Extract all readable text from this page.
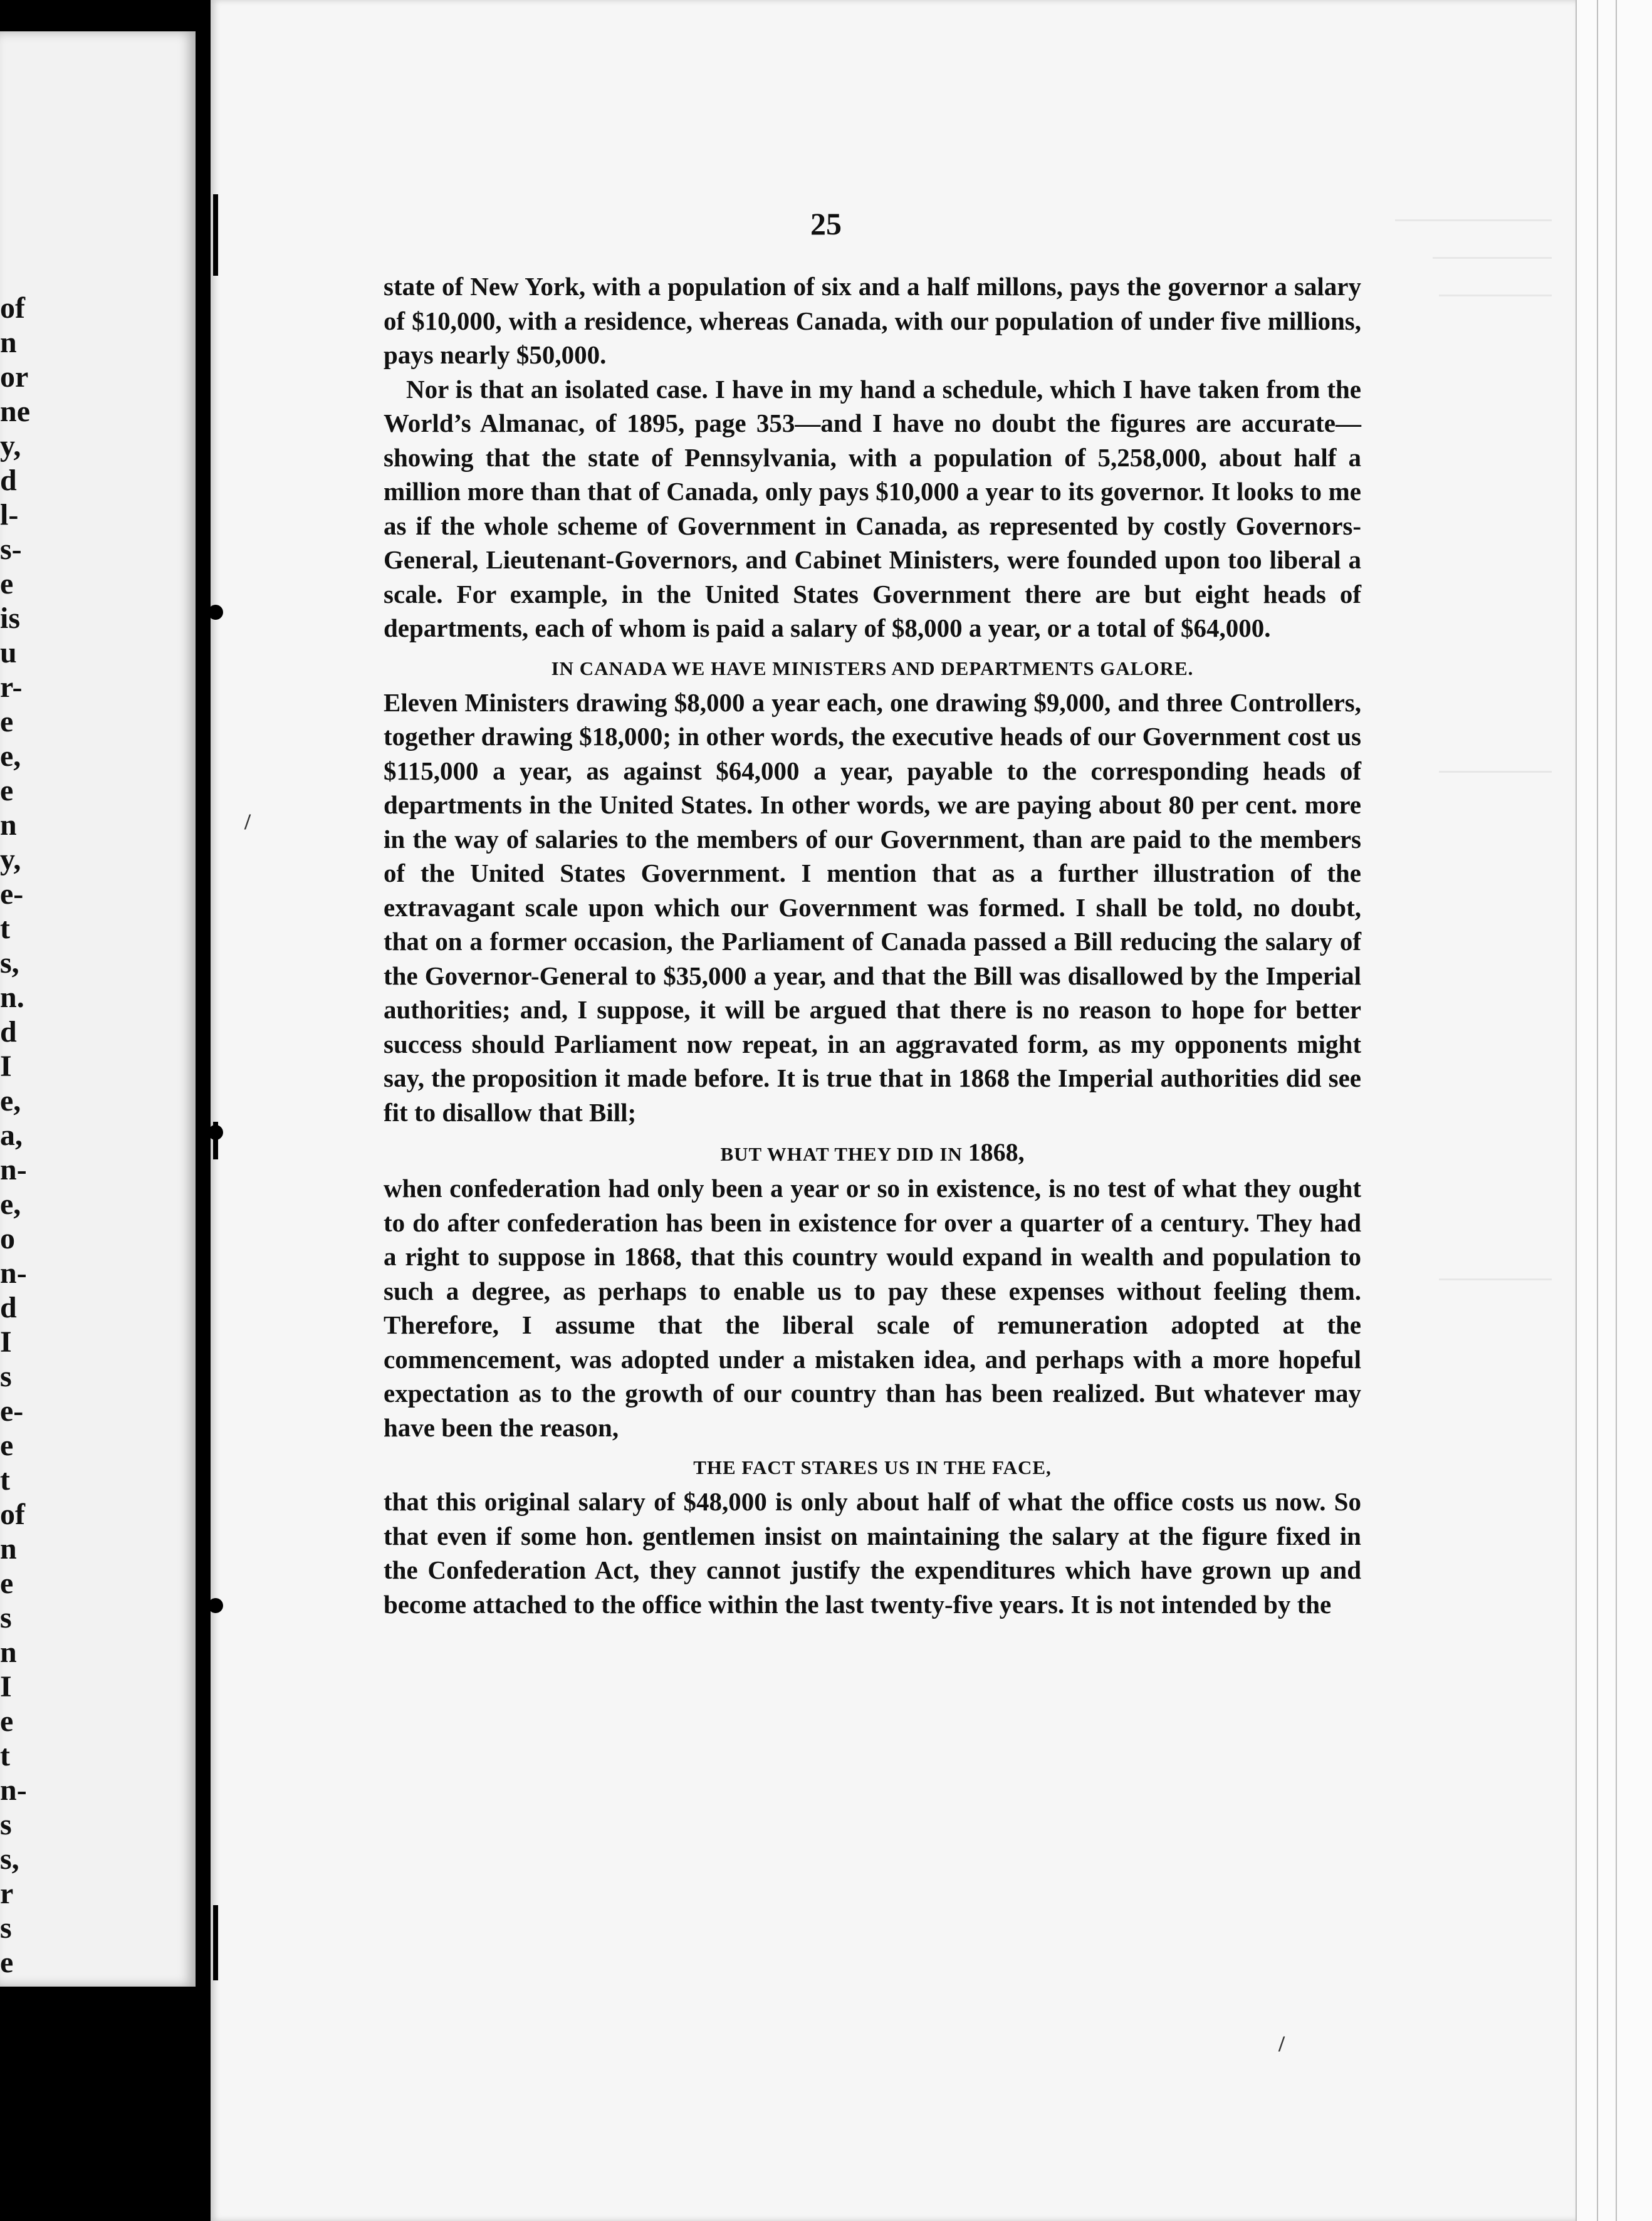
of
n
or
ne
y,
d
l-
s-
e
is
u
r-
e
e,
e
n
y,
e-
t
s,
n.
d
I
e,
a,
n-
e,
o
n-
d
I
s
e-
e
t
of
n
e
s
n
I
e
t
n-
s
s,
r
s
e
/
/
25

state of New York, with a population of six and a half millons, pays the governor a salary of $10,000, with a residence, whereas Canada, with our population of under five millions, pays nearly $50,000.

Nor is that an isolated case. I have in my hand a schedule, which I have taken from the World’s Almanac, of 1895, page 353—and I have no doubt the figures are accurate—showing that the state of Pennsylvania, with a population of 5,258,000, about half a million more than that of Canada, only pays $10,000 a year to its governor. It looks to me as if the whole scheme of Government in Canada, as represented by costly Governors-General, Lieutenant-Governors, and Cabinet Ministers, were founded upon too liberal a scale. For example, in the United States Government there are but eight heads of departments, each of whom is paid a salary of $8,000 a year, or a total of $64,000.

IN CANADA WE HAVE MINISTERS AND DEPARTMENTS GALORE.

Eleven Ministers drawing $8,000 a year each, one drawing $9,000, and three Controllers, together drawing $18,000; in other words, the executive heads of our Government cost us $115,000 a year, as against $64,000 a year, payable to the corresponding heads of departments in the United States. In other words, we are paying about 80 per cent. more in the way of salaries to the members of our Government, than are paid to the members of the United States Government. I mention that as a further illustration of the extravagant scale upon which our Government was formed. I shall be told, no doubt, that on a former occasion, the Parliament of Canada passed a Bill reducing the salary of the Governor-General to $35,000 a year, and that the Bill was disallowed by the Imperial authorities; and, I suppose, it will be argued that there is no reason to hope for better success should Parliament now repeat, in an aggravated form, as my opponents might say, the proposition it made before. It is true that in 1868 the Imperial authorities did see fit to disallow that Bill;

BUT WHAT THEY DID IN 1868,

when confederation had only been a year or so in existence, is no test of what they ought to do after confederation has been in existence for over a quarter of a century. They had a right to suppose in 1868, that this country would expand in wealth and population to such a degree, as perhaps to enable us to pay these expenses without feeling them. Therefore, I assume that the liberal scale of remuneration adopted at the commencement, was adopted under a mistaken idea, and perhaps with a more hopeful expectation as to the growth of our country than has been realized. But whatever may have been the reason,

THE FACT STARES US IN THE FACE,

that this original salary of $48,000 is only about half of what the office costs us now. So that even if some hon. gentlemen insist on maintaining the salary at the figure fixed in the Confederation Act, they cannot justify the expenditures which have grown up and become attached to the office within the last twenty-five years. It is not intended by the
